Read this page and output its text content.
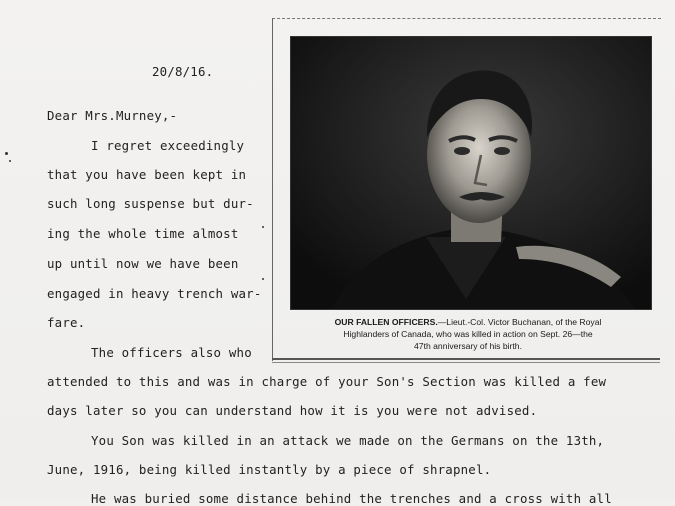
20/8/16.
Dear Mrs.Murney,-
I regret exceedingly
that you have been kept in
such long suspense but dur-
ing the whole time almost
up until now we have been
engaged in heavy trench war-
fare.
The officers also who
attended to this and was in charge of your Son's Section was killed a few
days later so you can understand how it is you were not advised.
You Son was killed in an attack we made on the Germans on the 13th,
June, 1916, being killed instantly by a piece of shrapnel.
He was buried some distance behind the trenches and a cross with all
OUR FALLEN OFFICERS.—Lieut.-Col. Victor Buchanan, of the Royal
Highlanders of Canada, who was killed in action on Sept. 26—the
47th anniversary of his birth.
